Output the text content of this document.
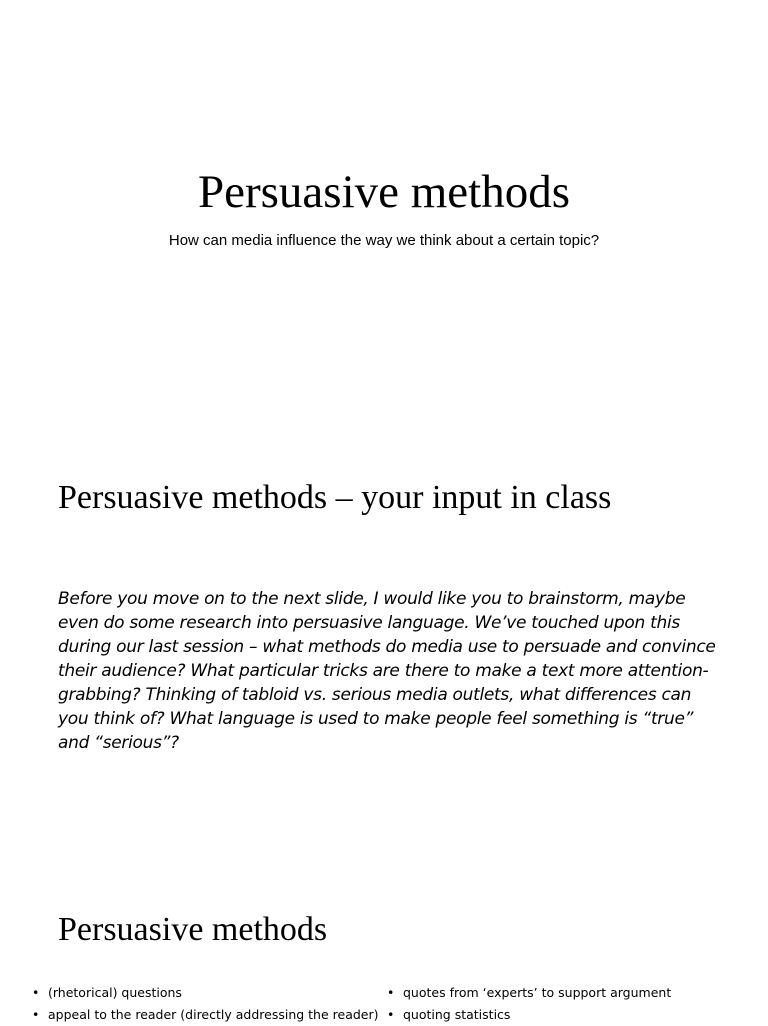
Persuasive methods
How can media influence the way we think about a certain topic?
Persuasive methods – your input in class
Before you move on to the next slide, I would like you to brainstorm, maybe even do some research into persuasive language. We’ve touched upon this during our last session – what methods do media use to persuade and convince their audience? What particular tricks are there to make a text more attention-grabbing? Thinking of tabloid vs. serious media outlets, what differences can you think of? What language is used to make people feel something is “true” and “serious”?
Persuasive methods
• (rhetorical) questions
• appeal to the reader (directly addressing the reader)
• quotes from ‘experts’ to support argument
• quoting statistics
